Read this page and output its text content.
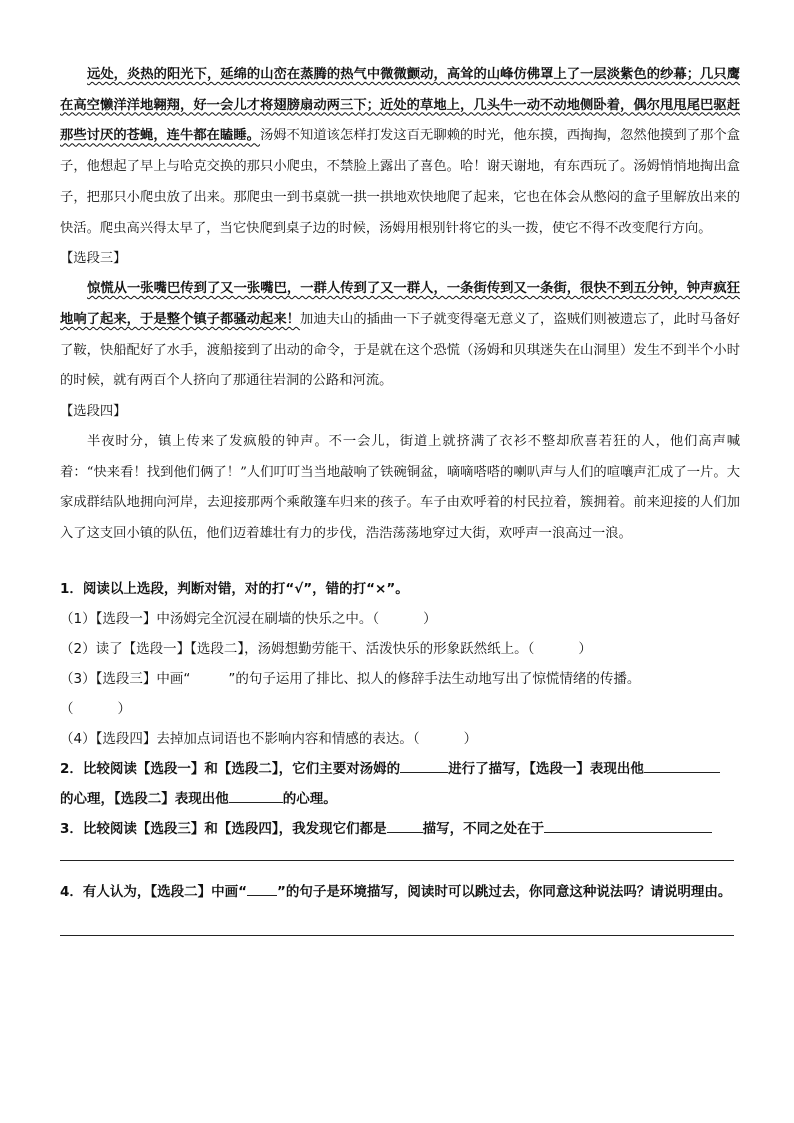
远处，炎热的阳光下，延绵的山峦在蒸腾的热气中微微颤动，高耸的山峰仿佛罩上了一层淡紫色的纱幕；几只鹰在高空懒洋洋地翱翔，好一会儿才将翅膀扇动两三下；近处的草地上，几头牛一动不动地侧卧着，偶尔甩甩尾巴驱赶那些讨厌的苍蝇，连牛都在瞌睡。汤姆不知道该怎样打发这百无聊赖的时光，他东摸，西掏掏，忽然他摸到了那个盒子，他想起了早上与哈克交换的那只小爬虫，不禁脸上露出了喜色。哈！谢天谢地，有东西玩了。汤姆悄悄地掏出盒子，把那只小爬虫放了出来。那爬虫一到书桌就一拱一拱地欢快地爬了起来，它也在体会从憋闷的盒子里解放出来的快活。爬虫高兴得太早了，当它快爬到桌子边的时候，汤姆用根别针将它的头一拨，使它不得不改变爬行方向。

【选段三】

惊慌从一张嘴巴传到了又一张嘴巴，一群人传到了又一群人，一条街传到又一条街，很快不到五分钟，钟声疯狂地响了起来，于是整个镇子都骚动起来！加迪夫山的插曲一下子就变得毫无意义了，盗贼们则被遗忘了，此时马备好了鞍，快船配好了水手，渡船接到了出动的命令，于是就在这个恐慌（汤姆和贝琪迷失在山洞里）发生不到半个小时的时候，就有两百个人挤向了那通往岩洞的公路和河流。

【选段四】

半夜时分，镇上传来了发疯般的钟声。不一会儿，街道上就挤满了衣衫不整却欣喜若狂的人，他们高声喊着：“快来看！找到他们俩了！”人们叮叮当当地敲响了铁碗铜盆，嘀嘀嗒嗒的喇叭声与人们的喧嚷声汇成了一片。大家成群结队地拥向河岸，去迎接那两个乘敞篷车归来的孩子。车子由欢呼着的村民拉着，簇拥着。前来迎接的人们加入了这支回小镇的队伍，他们迈着雄壮有力的步伐，浩浩荡荡地穿过大街，欢呼声一浪高过一浪。

1．阅读以上选段，判断对错，对的打“√”，错的打“×”。

（1）【选段一】中汤姆完全沉浸在刷墙的快乐之中。（	）

（2）读了【选段一】【选段二】，汤姆想勤劳能干、活泼快乐的形象跃然纸上。（	）

（3）【选段三】中画“	”的句子运用了排比、拟人的修辞手法生动地写出了惊慌情绪的传播。

（	）

（4）【选段四】去掉加点词语也不影响内容和情感的表达。（	）

2．比较阅读【选段一】和【选段二】，它们主要对汤姆的	进行了描写，【选段一】表现出他
的心理，【选段二】表现出他	的心理。

3．比较阅读【选段三】和【选段四】，我发现它们都是	描写，不同之处在于

4．有人认为，【选段二】中画“ ”的句子是环境描写，阅读时可以跳过去，你同意这种说法吗？请说明理由。
